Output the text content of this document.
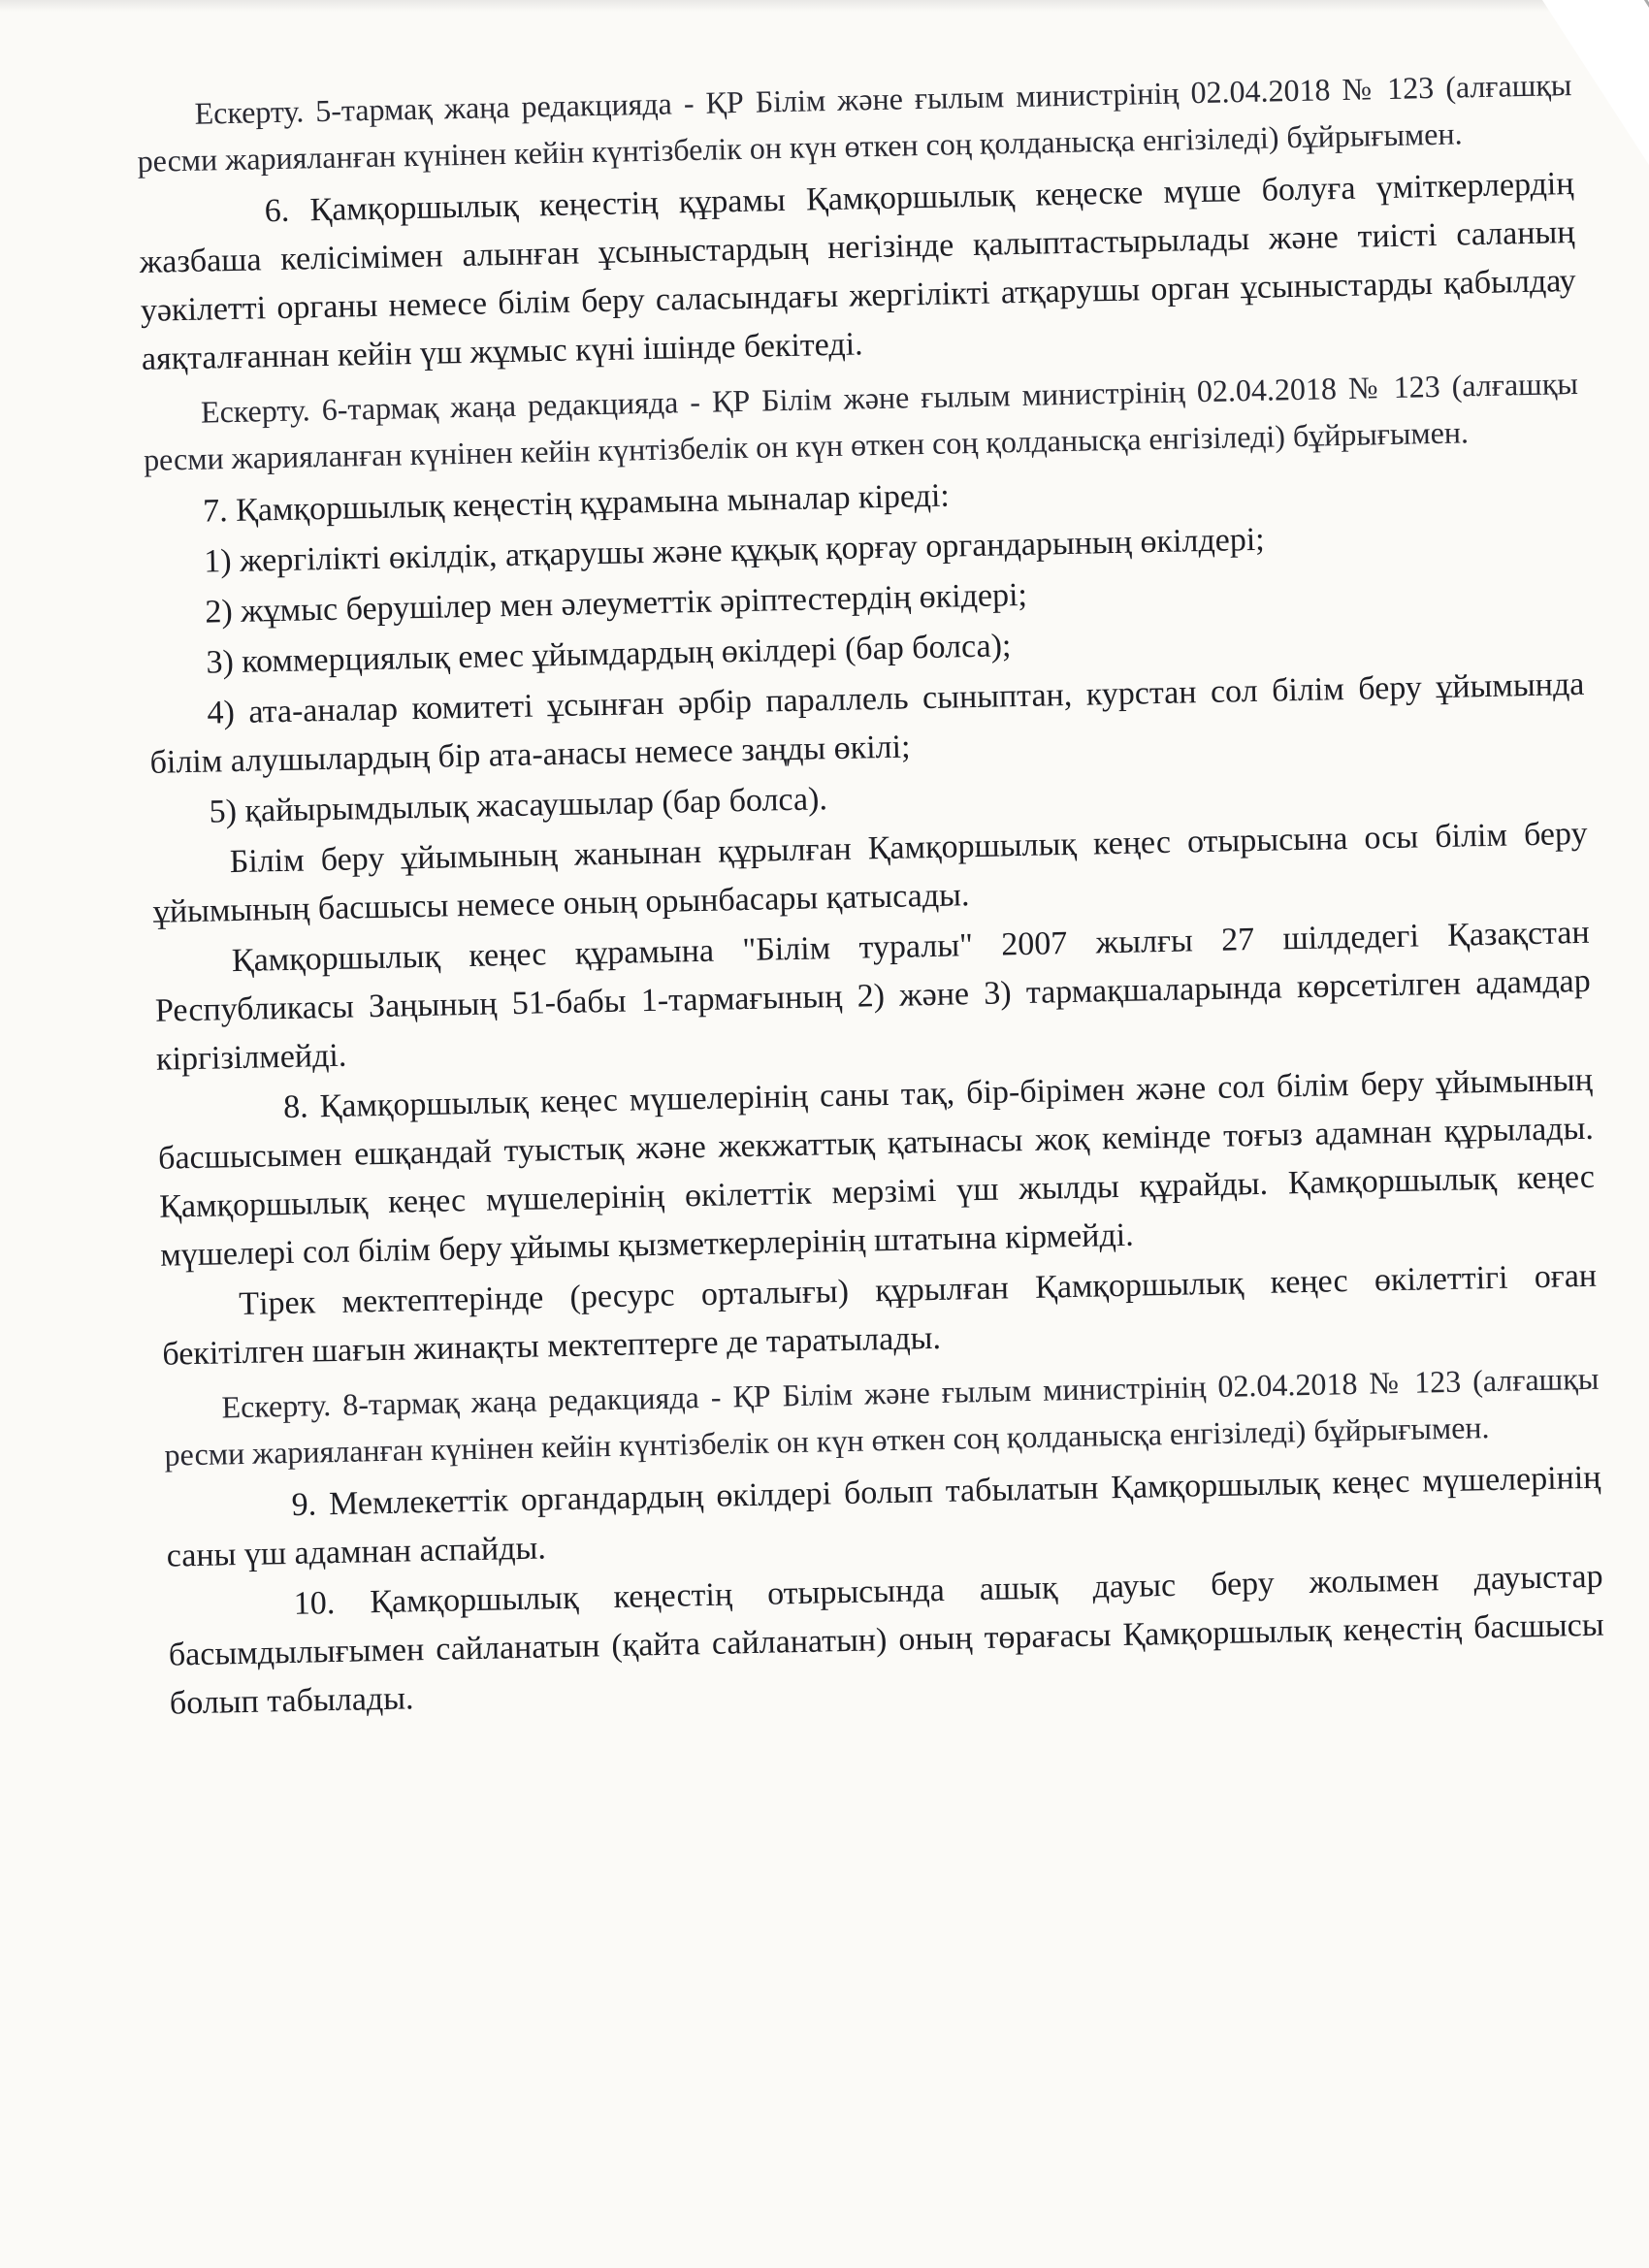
Ескерту. 5-тармақ жаңа редакцияда - ҚР Білім және ғылым министрінің 02.04.2018 № 123 (алғашқы ресми жарияланған күнінен кейін күнтізбелік он күн өткен соң қолданысқа енгізіледі) бұйрығымен.

6. Қамқоршылық кеңестің құрамы Қамқоршылық кеңеске мүше болуға үміткерлердің жазбаша келісімімен алынған ұсыныстардың негізінде қалыптастырылады және тиісті саланың уәкілетті органы немесе білім беру саласындағы жергілікті атқарушы орган ұсыныстарды қабылдау аяқталғаннан кейін үш жұмыс күні ішінде бекітеді.

Ескерту. 6-тармақ жаңа редакцияда - ҚР Білім және ғылым министрінің 02.04.2018 № 123 (алғашқы ресми жарияланған күнінен кейін күнтізбелік он күн өткен соң қолданысқа енгізіледі) бұйрығымен.

7. Қамқоршылық кеңестің құрамына мыналар кіреді:

1) жергілікті өкілдік, атқарушы және құқық қорғау органдарының өкілдері;

2) жұмыс берушілер мен әлеуметтік әріптестердің өкідері;

3) коммерциялық емес ұйымдардың өкілдері (бар болса);

4) ата-аналар комитеті ұсынған әрбір параллель сыныптан, курстан сол білім беру ұйымында білім алушылардың бір ата-анасы немесе заңды өкілі;

5) қайырымдылық жасаушылар (бар болса).

Білім беру ұйымының жанынан құрылған Қамқоршылық кеңес отырысына осы білім беру ұйымының басшысы немесе оның орынбасары қатысады.

Қамқоршылық кеңес құрамына "Білім туралы" 2007 жылғы 27 шілдедегі Қазақстан Республикасы Заңының 51-бабы 1-тармағының 2) және 3) тармақшаларында көрсетілген адамдар кіргізілмейді.

8. Қамқоршылық кеңес мүшелерінің саны тақ, бір-бірімен және сол білім беру ұйымының басшысымен ешқандай туыстық және жекжаттық қатынасы жоқ кемінде тоғыз адамнан құрылады. Қамқоршылық кеңес мүшелерінің өкілеттік мерзімі үш жылды құрайды. Қамқоршылық кеңес мүшелері сол білім беру ұйымы қызметкерлерінің штатына кірмейді.

Тірек мектептерінде (ресурс орталығы) құрылған Қамқоршылық кеңес өкілеттігі оған бекітілген шағын жинақты мектептерге де таратылады.

Ескерту. 8-тармақ жаңа редакцияда - ҚР Білім және ғылым министрінің 02.04.2018 № 123 (алғашқы ресми жарияланған күнінен кейін күнтізбелік он күн өткен соң қолданысқа енгізіледі) бұйрығымен.

9. Мемлекеттік органдардың өкілдері болып табылатын Қамқоршылық кеңес мүшелерінің саны үш адамнан аспайды.

10. Қамқоршылық кеңестің отырысында ашық дауыс беру жолымен дауыстар басымдылығымен сайланатын (қайта сайланатын) оның төрағасы Қамқоршылық кеңестің басшысы болып табылады.
